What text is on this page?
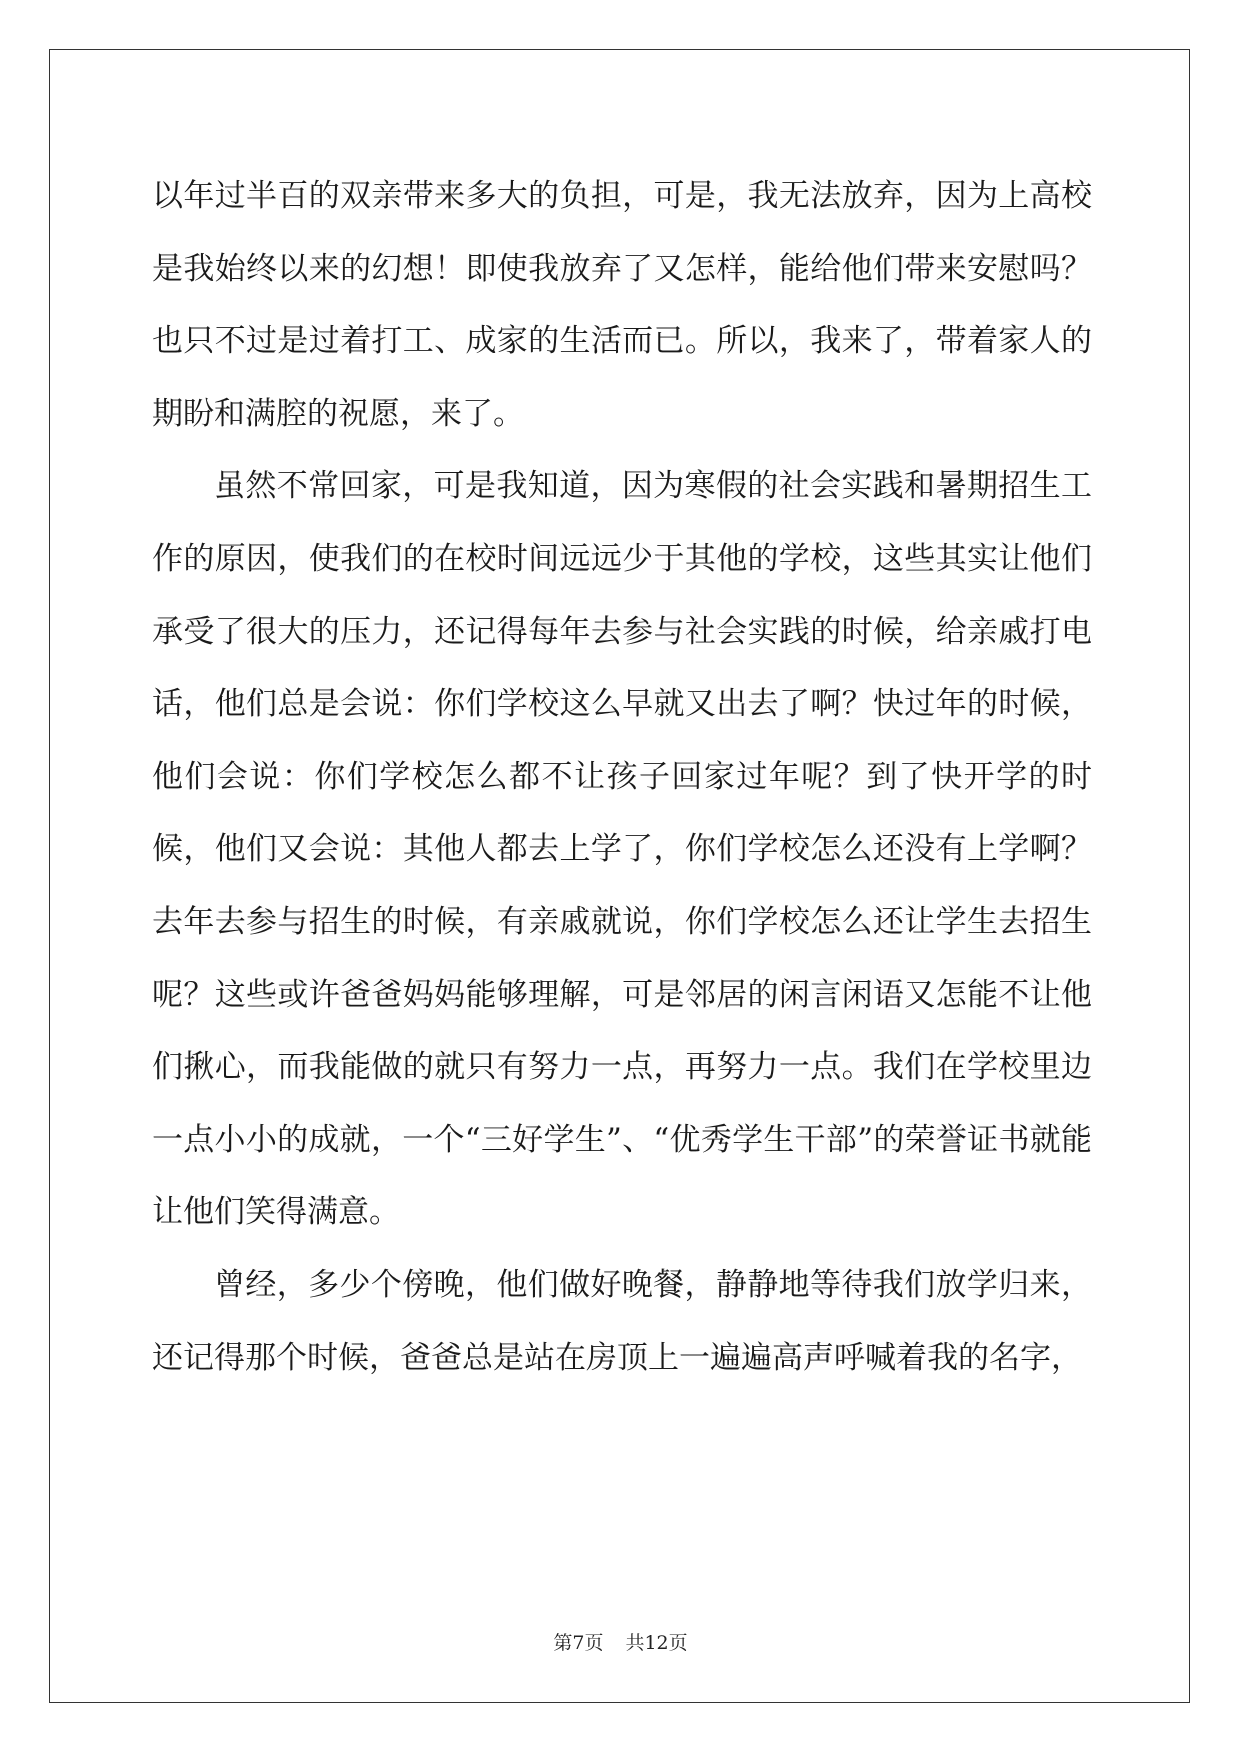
以年过半百的双亲带来多大的负担，可是，我无法放弃，因为上高校是我始终以来的幻想！即使我放弃了又怎样，能给他们带来安慰吗？也只不过是过着打工、成家的生活而已。所以，我来了，带着家人的期盼和满腔的祝愿，来了。

虽然不常回家，可是我知道，因为寒假的社会实践和暑期招生工作的原因，使我们的在校时间远远少于其他的学校，这些其实让他们承受了很大的压力，还记得每年去参与社会实践的时候，给亲戚打电话，他们总是会说：你们学校这么早就又出去了啊？快过年的时候，他们会说：你们学校怎么都不让孩子回家过年呢？到了快开学的时候，他们又会说：其他人都去上学了，你们学校怎么还没有上学啊？去年去参与招生的时候，有亲戚就说，你们学校怎么还让学生去招生呢？这些或许爸爸妈妈能够理解，可是邻居的闲言闲语又怎能不让他们揪心，而我能做的就只有努力一点，再努力一点。我们在学校里边一点小小的成就，一个“三好学生”、“优秀学生干部”的荣誉证书就能让他们笑得满意。

曾经，多少个傍晚，他们做好晚餐，静静地等待我们放学归来，还记得那个时候，爸爸总是站在房顶上一遍遍高声呼喊着我的名字，

第7页 共12页
